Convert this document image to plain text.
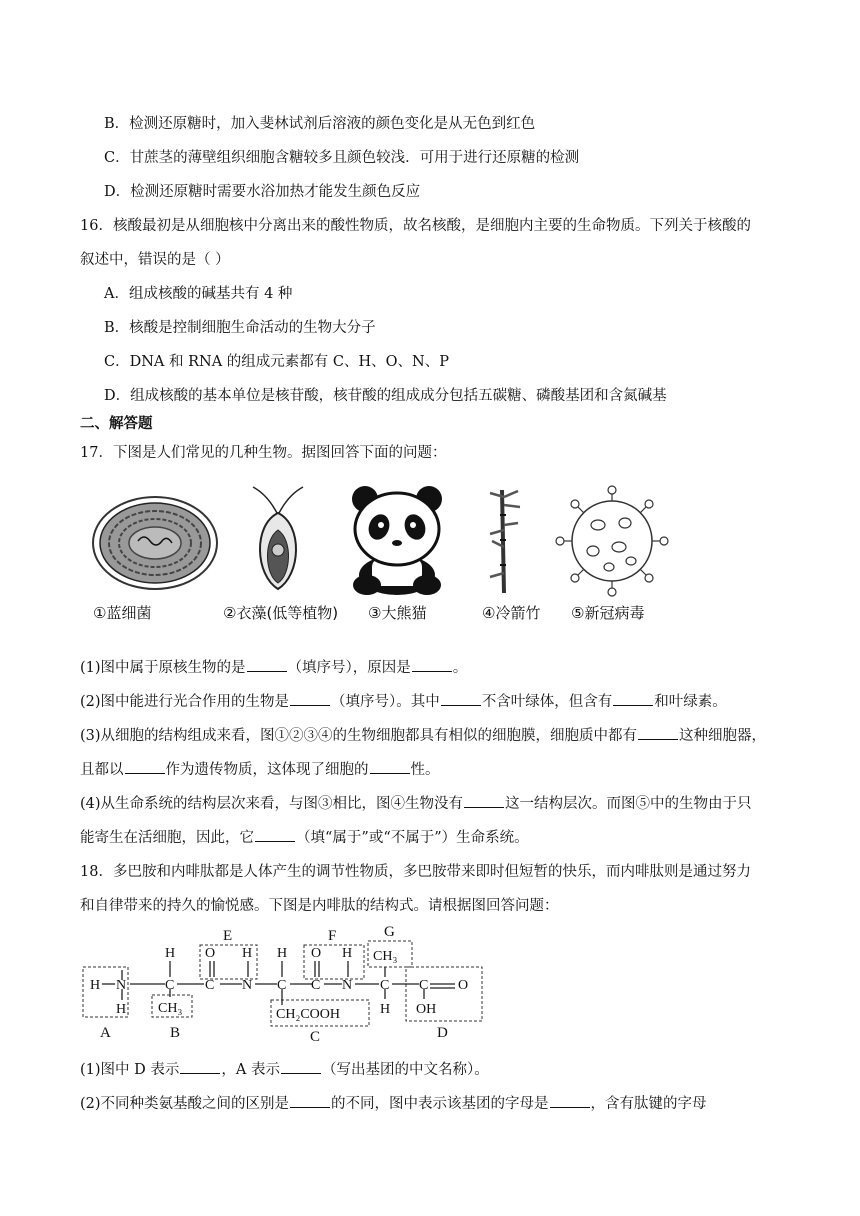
B．检测还原糖时，加入斐林试剂后溶液的颜色变化是从无色到红色
C．甘蔗茎的薄壁组织细胞含糖较多且颜色较浅．可用于进行还原糖的检测
D．检测还原糖时需要水浴加热才能发生颜色反应
16．核酸最初是从细胞核中分离出来的酸性物质，故名核酸，是细胞内主要的生命物质。下列关于核酸的
叙述中，错误的是（ ）
A．组成核酸的碱基共有 4 种
B．核酸是控制细胞生命活动的生物大分子
C．DNA 和 RNA 的组成元素都有 C、H、O、N、P
D．组成核酸的基本单位是核苷酸，核苷酸的组成成分包括五碳糖、磷酸基团和含氮碱基
二、解答题
17．下图是人们常见的几种生物。据图回答下面的问题：
①蓝细菌	②衣藻(低等植物) ③大熊猫	④冷箭竹 ⑤新冠病毒
(1)图中属于原核生物的是	（填序号），原因是	。
(2)图中能进行光合作用的生物是	（填序号）。其中	不含叶绿体，但含有	和叶绿素。
(3)从细胞的结构组成来看，图①②③④的生物细胞都具有相似的细胞膜，细胞质中都有	这种细胞器，
且都以	作为遗传物质，这体现了细胞的	性。
(4)从生命系统的结构层次来看，与图③相比，图④生物没有	这一结构层次。而图⑤中的生物由于只
能寄生在活细胞，因此，它	（填“属于”或“不属于”）生命系统。
18．多巴胺和内啡肽都是人体产生的调节性物质，多巴胺带来即时但短暂的快乐，而内啡肽则是通过努力
和自律带来的持久的愉悦感。下图是内啡肽的结构式。请根据图回答问题：
H N
H
H
C
CH₃
O
C
H
N
H
C
CH₂COOH
O
C
H
N
CH₃
C
H
C O
OH
A	B	C	D
E	F	G
(1)图中 D 表示	，A 表示	（写出基团的中文名称）。
(2)不同种类氨基酸之间的区别是	的不同，图中表示该基团的字母是	，含有肽键的字母
